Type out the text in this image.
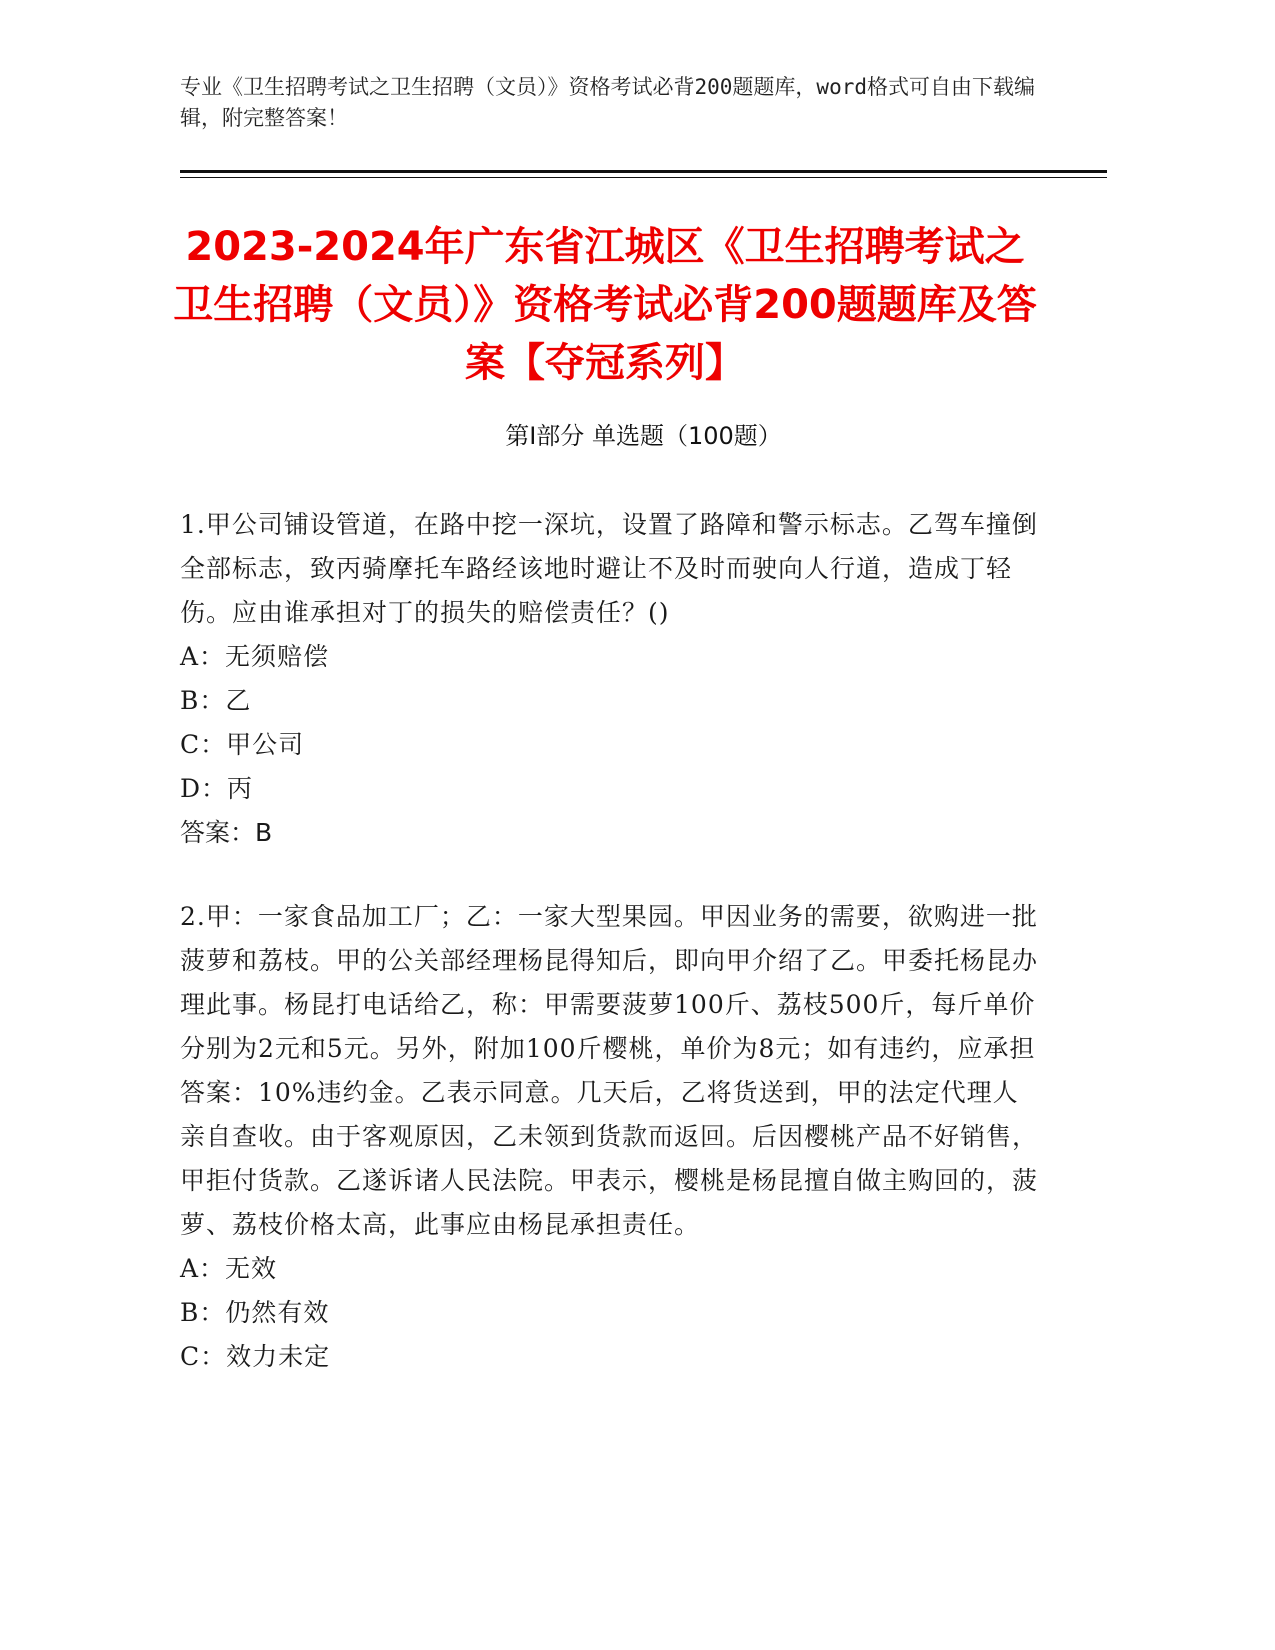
专业《卫生招聘考试之卫生招聘（文员）》资格考试必背200题题库，word格式可自由下载编辑，附完整答案！
2023-2024年广东省江城区《卫生招聘考试之卫生招聘（文员）》资格考试必背200题题库及答案【夺冠系列】
第Ⅰ部分 单选题（100题）
1.甲公司铺设管道，在路中挖一深坑，设置了路障和警示标志。乙驾车撞倒全部标志，致丙骑摩托车路经该地时避让不及时而驶向人行道，造成丁轻伤。应由谁承担对丁的损失的赔偿责任？()
A：无须赔偿
B：乙
C：甲公司
D：丙
答案：B
2.甲：一家食品加工厂；乙：一家大型果园。甲因业务的需要，欲购进一批菠萝和荔枝。甲的公关部经理杨昆得知后，即向甲介绍了乙。甲委托杨昆办理此事。杨昆打电话给乙，称：甲需要菠萝100斤、荔枝500斤，每斤单价分别为2元和5元。另外，附加100斤樱桃，单价为8元；如有违约，应承担答案：10%违约金。乙表示同意。几天后，乙将货送到，甲的法定代理人亲自查收。由于客观原因，乙未领到货款而返回。后因樱桃产品不好销售，甲拒付货款。乙遂诉诸人民法院。甲表示，樱桃是杨昆擅自做主购回的，菠萝、荔枝价格太高，此事应由杨昆承担责任。
A：无效
B：仍然有效
C：效力未定
